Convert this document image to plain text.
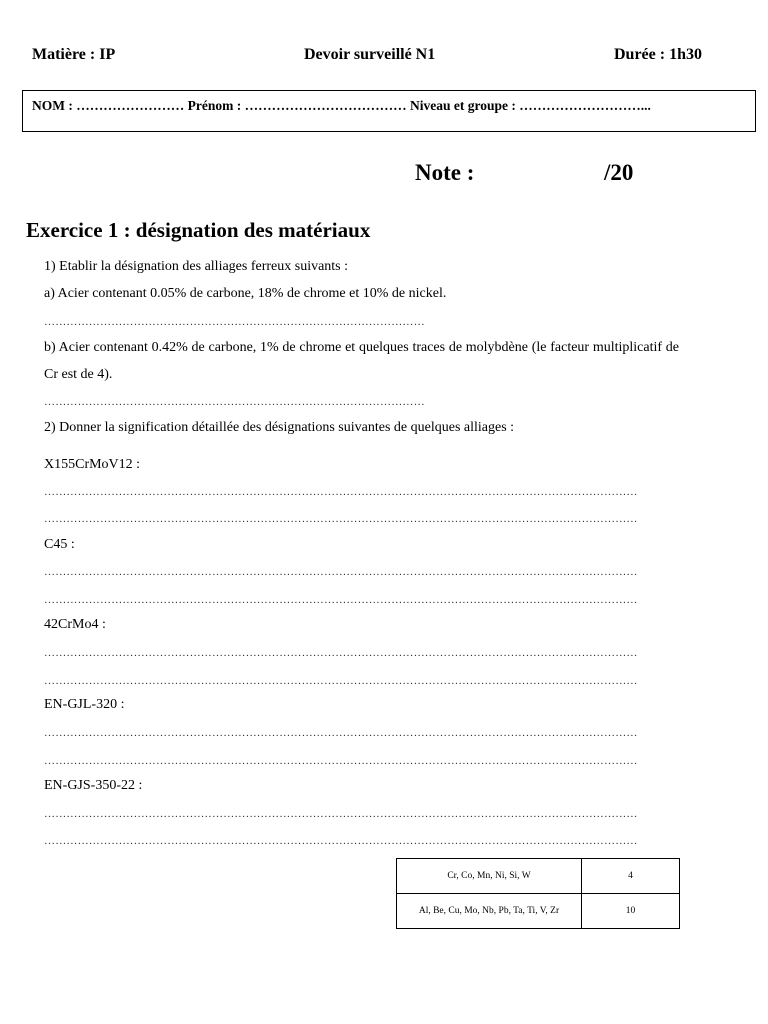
Matière : IP	Devoir surveillé N1	Durée : 1h30
NOM : …………………… Prénom : ……………………………… Niveau et groupe : ………………………...
Note :	/20
Exercice 1 : désignation des matériaux
1) Etablir la désignation des alliages ferreux suivants :
a) Acier contenant 0.05% de carbone, 18% de chrome et 10% de nickel.
…………………………………………………………………………………………
b) Acier contenant 0.42% de carbone, 1% de chrome et quelques traces de molybdène (le facteur multiplicatif de Cr est de 4).
…………………………………………………………………………………………
2) Donner la signification détaillée des désignations suivantes de quelques alliages :
X155CrMoV12 :
……………………………………………………………………………………………………………………………………………
……………………………………………………………………………………………………………………………………………
C45 :
……………………………………………………………………………………………………………………………………………
……………………………………………………………………………………………………………………………………………
42CrMo4 :
……………………………………………………………………………………………………………………………………………
……………………………………………………………………………………………………………………………………………
EN-GJL-320 :
……………………………………………………………………………………………………………………………………………
……………………………………………………………………………………………………………………………………………
EN-GJS-350-22 :
……………………………………………………………………………………………………………………………………………
……………………………………………………………………………………………………………………………………………
Cr, Co, Mn, Ni, Si, W	4
Al, Be, Cu, Mo, Nb, Pb, Ta, Ti, V, Zr	10
